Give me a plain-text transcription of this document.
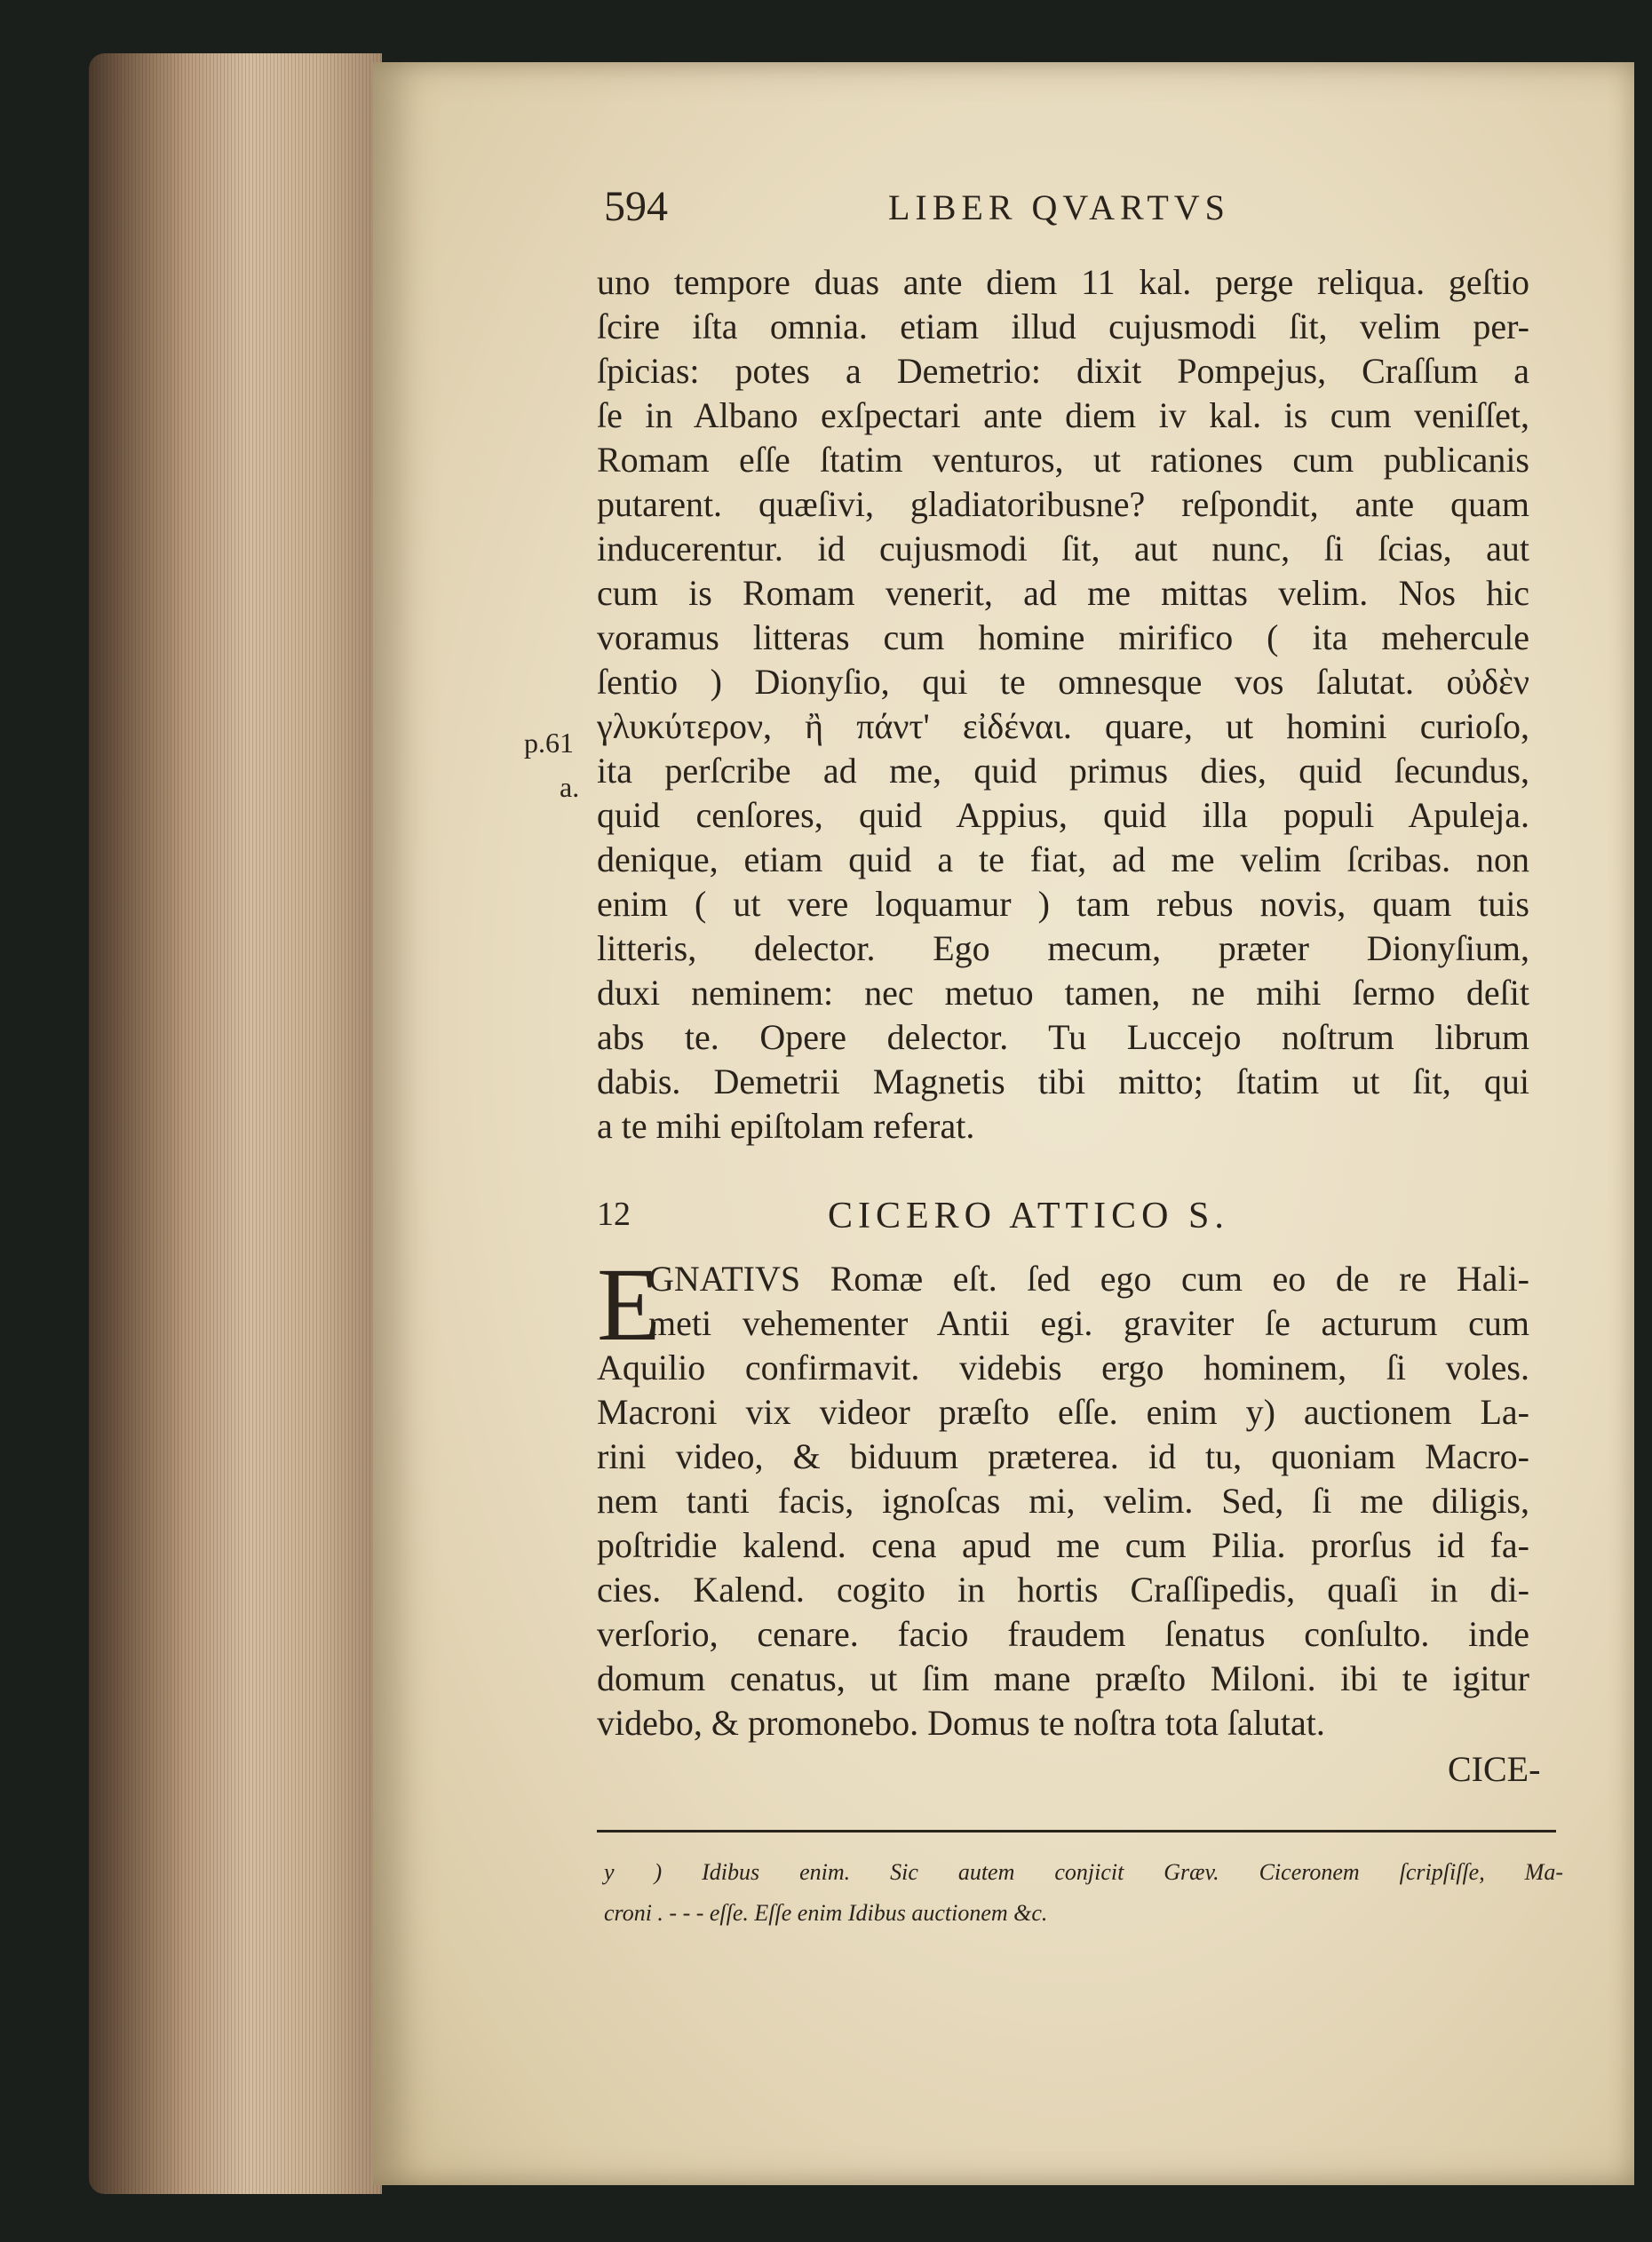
594	LIBER QVARTVS
p.61
a.
uno tempore duas ante diem 11 kal. perge reliqua. geſtio
ſcire iſta omnia. etiam illud cujusmodi ſit, velim per-
ſpicias: potes a Demetrio: dixit Pompejus, Craſſum a
ſe in Albano exſpectari ante diem iv kal. is cum veniſſet,
Romam eſſe ſtatim venturos, ut rationes cum publicanis
putarent. quæſivi, gladiatoribusne? reſpondit, ante quam
inducerentur. id cujusmodi ſit, aut nunc, ſi ſcias, aut
cum is Romam venerit, ad me mittas velim. Nos hic
voramus litteras cum homine mirifico ( ita mehercule
ſentio ) Dionyſio, qui te omnesque vos ſalutat. οὐδὲν
γλυκύτερον, ἢ πάντ' εἰδέναι. quare, ut homini curioſo,
ita perſcribe ad me, quid primus dies, quid ſecundus,
quid cenſores, quid Appius, quid illa populi Apuleja.
denique, etiam quid a te fiat, ad me velim ſcribas. non
enim ( ut vere loquamur ) tam rebus novis, quam tuis
litteris, delector. Ego mecum, præter Dionyſium,
duxi neminem: nec metuo tamen, ne mihi ſermo deſit
abs te. Opere delector. Tu Luccejo noſtrum librum
dabis. Demetrii Magnetis tibi mitto; ſtatim ut ſit, qui
a te mihi epiſtolam referat.
12	CICERO ATTICO S.
E
GNATIVS Romæ eſt. ſed ego cum eo de re Hali-
meti vehementer Antii egi. graviter ſe acturum cum
Aquilio confirmavit. videbis ergo hominem, ſi voles.
Macroni vix videor præſto eſſe. enim y) auctionem La-
rini video, & biduum præterea. id tu, quoniam Macro-
nem tanti facis, ignoſcas mi, velim. Sed, ſi me diligis,
poſtridie kalend. cena apud me cum Pilia. prorſus id fa-
cies. Kalend. cogito in hortis Craſſipedis, quaſi in di-
verſorio, cenare. facio fraudem ſenatus conſulto. inde
domum cenatus, ut ſim mane præſto Miloni. ibi te igitur
videbo, & promonebo. Domus te noſtra tota ſalutat.
CICE-
y ) Idibus enim. Sic autem conjicit Græv. Ciceronem ſcripſiſſe, Ma-
croni . - - - eſſe. Eſſe enim Idibus auctionem &c.
